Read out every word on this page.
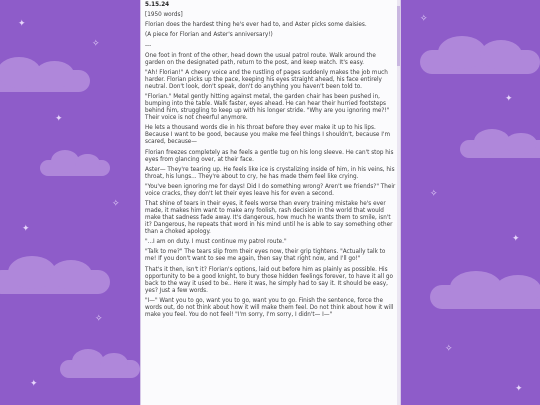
✦
✧
✦
✧
✦
✧
✦
✧
✦
✧
✦
✧
✦

5.15.24

[1950 words]

Florian does the hardest thing he's ever had to, and Aster picks some daisies.

(A piece for Florian and Aster's anniversary!)

---

One foot in front of the other, head down the usual patrol route. Walk around the garden on the designated path, return to the post, and keep watch. It's easy.

"Ah! Florian!" A cheery voice and the rustling of pages suddenly makes the job much harder. Florian picks up the pace, keeping his eyes straight ahead, his face entirely neutral. Don't look, don't speak, don't do anything you haven't been told to.

"Florian." Metal gently hitting against metal, the garden chair has been pushed in, bumping into the table. Walk faster, eyes ahead. He can hear their hurried footsteps behind him, struggling to keep up with his longer stride. "Why are you ignoring me?!" Their voice is not cheerful anymore.

He lets a thousand words die in his throat before they ever make it up to his lips. Because I want to be good, because you make me feel things I shouldn't, because I'm scared, because—

Florian freezes completely as he feels a gentle tug on his long sleeve. He can't stop his eyes from glancing over, at their face.

Aster— They're tearing up. He feels like ice is crystalizing inside of him, in his veins, his throat, his lungs... They're about to cry, he has made them feel like crying.

"You've been ignoring me for days! Did I do something wrong? Aren't we friends?" Their voice cracks, they don't let their eyes leave his for even a second.

That shine of tears in their eyes, it feels worse than every training mistake he's ever made, it makes him want to make any foolish, rash decision in the world that would make that sadness fade away. It's dangerous, how much he wants them to smile, isn't it? Dangerous, he repeats that word in his mind until he is able to say something other than a choked apology.

"...I am on duty. I must continue my patrol route."

"Talk to me?" The tears slip from their eyes now, their grip tightens. "Actually talk to me! If you don't want to see me again, then say that right now, and I'll go!"

That's it then, isn't it? Florian's options, laid out before him as plainly as possible. His opportunity to be a good knight, to bury those hidden feelings forever, to have it all go back to the way it used to be.. Here it was, he simply had to say it. It should be easy, yes? Just a few words.

"I—" Want you to go, want you to go, want you to go. Finish the sentence, force the words out, do not think about how it will make them feel. Do not think about how it will make you feel. You do not feel! "I'm sorry, I'm sorry, I didn't— I—"
